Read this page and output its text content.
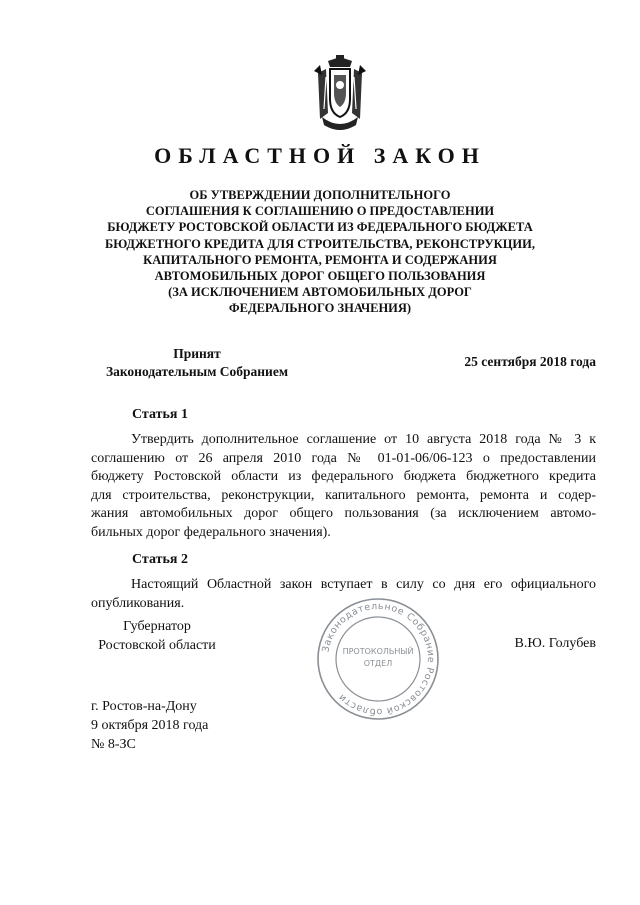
ОБЛАСТНОЙ ЗАКОН
ОБ УТВЕРЖДЕНИИ ДОПОЛНИТЕЛЬНОГО
СОГЛАШЕНИЯ К СОГЛАШЕНИЮ О ПРЕДОСТАВЛЕНИИ
БЮДЖЕТУ РОСТОВСКОЙ ОБЛАСТИ ИЗ ФЕДЕРАЛЬНОГО БЮДЖЕТА
БЮДЖЕТНОГО КРЕДИТА ДЛЯ СТРОИТЕЛЬСТВА, РЕКОНСТРУКЦИИ,
КАПИТАЛЬНОГО РЕМОНТА, РЕМОНТА И СОДЕРЖАНИЯ
АВТОМОБИЛЬНЫХ ДОРОГ ОБЩЕГО ПОЛЬЗОВАНИЯ
(ЗА ИСКЛЮЧЕНИЕМ АВТОМОБИЛЬНЫХ ДОРОГ
ФЕДЕРАЛЬНОГО ЗНАЧЕНИЯ)
Принят
Законодательным Собранием
25 сентября 2018 года
Статья 1
Утвердить дополнительное соглашение от 10 августа 2018 года № 3 к
соглашению от 26 апреля 2010 года № 01-01-06/06-123 о предоставлении
бюджету Ростовской области из федерального бюджета бюджетного кредита
для строительства, реконструкции, капитального ремонта, ремонта и содер-
жания автомобильных дорог общего пользования (за исключением автомо-
бильных дорог федерального значения).
Статья 2
Настоящий Областной закон вступает в силу со дня его официального
опубликования.
Губернатор
Ростовской области	В.Ю. Голубев
Законодательное Собрание Ростовской области
ПРОТОКОЛЬНЫЙ
ОТДЕЛ
г. Ростов-на-Дону
9 октября 2018 года
№ 8-ЗС
